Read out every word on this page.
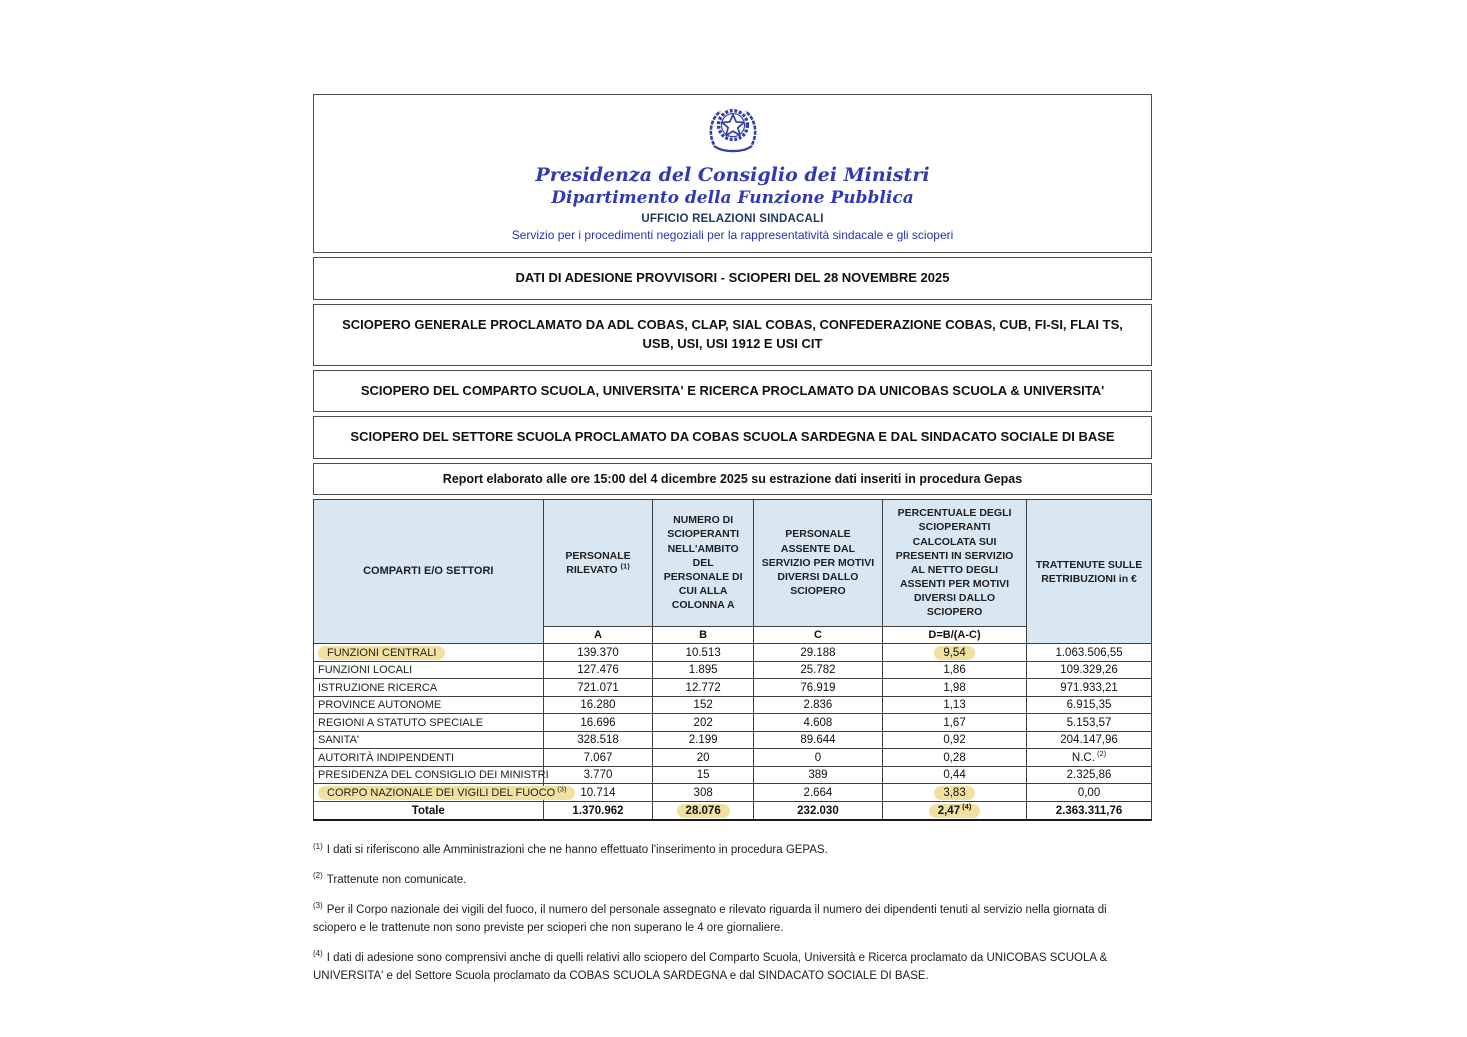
Presidenza del Consiglio dei Ministri
Dipartimento della Funzione Pubblica
UFFICIO RELAZIONI SINDACALI
Servizio per i procedimenti negoziali per la rappresentatività sindacale e gli scioperi
DATI DI ADESIONE PROVVISORI - SCIOPERI DEL 28 NOVEMBRE 2025
SCIOPERO GENERALE PROCLAMATO DA ADL COBAS, CLAP, SIAL COBAS, CONFEDERAZIONE COBAS, CUB, FI-SI, FLAI TS, USB, USI, USI 1912 E USI CIT
SCIOPERO DEL COMPARTO SCUOLA, UNIVERSITA' E RICERCA PROCLAMATO DA UNICOBAS SCUOLA & UNIVERSITA'
SCIOPERO DEL SETTORE SCUOLA PROCLAMATO DA COBAS SCUOLA SARDEGNA E DAL SINDACATO SOCIALE DI BASE
Report elaborato alle ore 15:00 del 4 dicembre 2025 su estrazione dati inseriti in procedura Gepas
COMPARTI E/O SETTORI	PERSONALE RILEVATO $^{(1)}$	NUMERO DI SCIOPERANTI NELL'AMBITO DEL PERSONALE DI CUI ALLA COLONNA A	PERSONALE ASSENTE DAL SERVIZIO PER MOTIVI DIVERSI DALLO SCIOPERO	PERCENTUALE DEGLI SCIOPERANTI CALCOLATA SUI PRESENTI IN SERVIZIO AL NETTO DEGLI ASSENTI PER MOTIVI DIVERSI DALLO SCIOPERO	TRATTENUTE SULLE RETRIBUZIONI in €
	A	B	C	D=B/(A-C)	
FUNZIONI CENTRALI	139.370	10.513	29.188	9,54	1.063.506,55
FUNZIONI LOCALI	127.476	1.895	25.782	1,86	109.329,26
ISTRUZIONE RICERCA	721.071	12.772	76.919	1,98	971.933,21
PROVINCE AUTONOME	16.280	152	2.836	1,13	6.915,35
REGIONI A STATUTO SPECIALE	16.696	202	4.608	1,67	5.153,57
SANITA'	328.518	2.199	89.644	0,92	204.147,96
AUTORITÀ INDIPENDENTI	7.067	20	0	0,28	N.C. $^{(2)}$
PRESIDENZA DEL CONSIGLIO DEI MINISTRI	3.770	15	389	0,44	2.325,86
CORPO NAZIONALE DEI VIGILI DEL FUOCO $^{(3)}$	10.714	308	2.664	3,83	0,00
Totale	1.370.962	28.076	232.030	2,47 $^{(4)}$	2.363.311,76
$^{(1)}$ I dati si riferiscono alle Amministrazioni che ne hanno effettuato l'inserimento in procedura GEPAS.
$^{(2)}$ Trattenute non comunicate.
$^{(3)}$ Per il Corpo nazionale dei vigili del fuoco, il numero del personale assegnato e rilevato riguarda il numero dei dipendenti tenuti al servizio nella giornata di sciopero e le trattenute non sono previste per scioperi che non superano le 4 ore giornaliere.
$^{(4)}$ I dati di adesione sono comprensivi anche di quelli relativi allo sciopero del Comparto Scuola, Università e Ricerca proclamato da UNICOBAS SCUOLA & UNIVERSITA' e del Settore Scuola proclamato da COBAS SCUOLA SARDEGNA e dal SINDACATO SOCIALE DI BASE.
